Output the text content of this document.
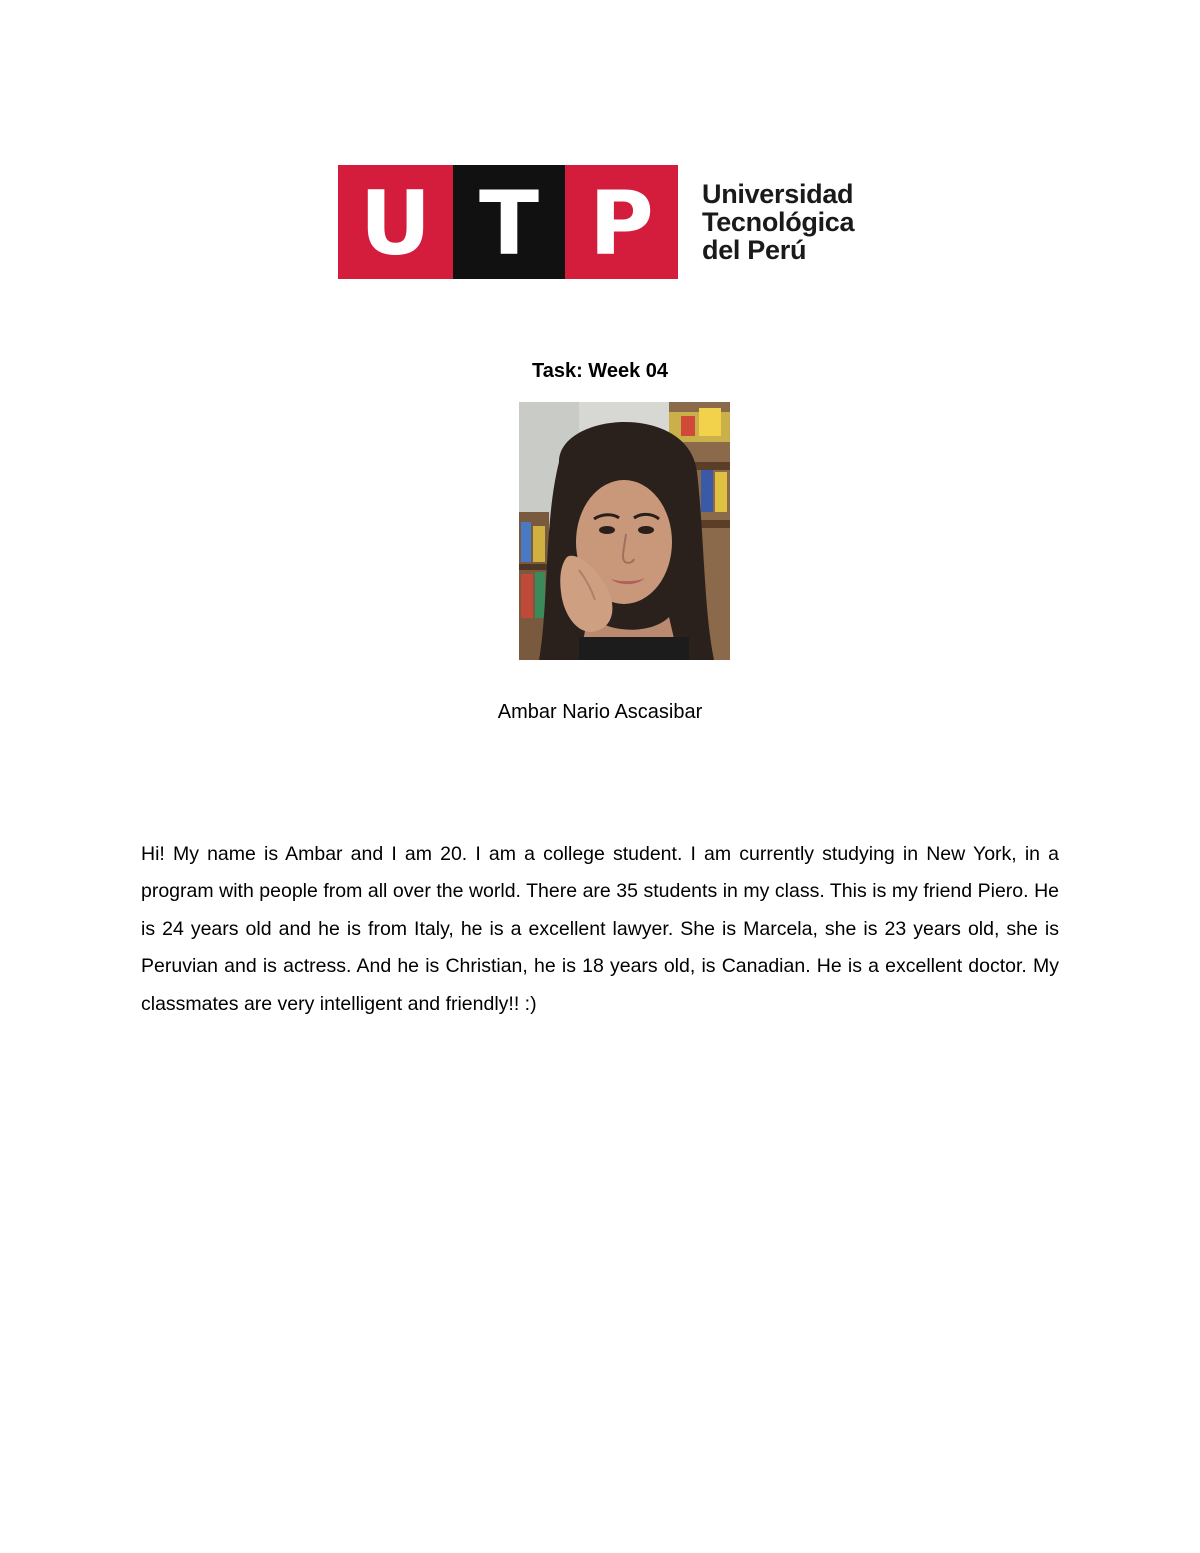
U T P Universidad
Tecnológica
del Perú
Task: Week 04
Ambar Nario Ascasibar
Hi! My name is Ambar and I am 20. I am a college student. I am currently studying in New York, in a program with people from all over the world. There are 35 students in my class. This is my friend Piero. He is 24 years old and he is from Italy, he is a excellent lawyer. She is Marcela, she is 23 years old, she is Peruvian and is actress. And he is Christian, he is 18 years old, is Canadian. He is a excellent doctor. My classmates are very intelligent and friendly!! :)
